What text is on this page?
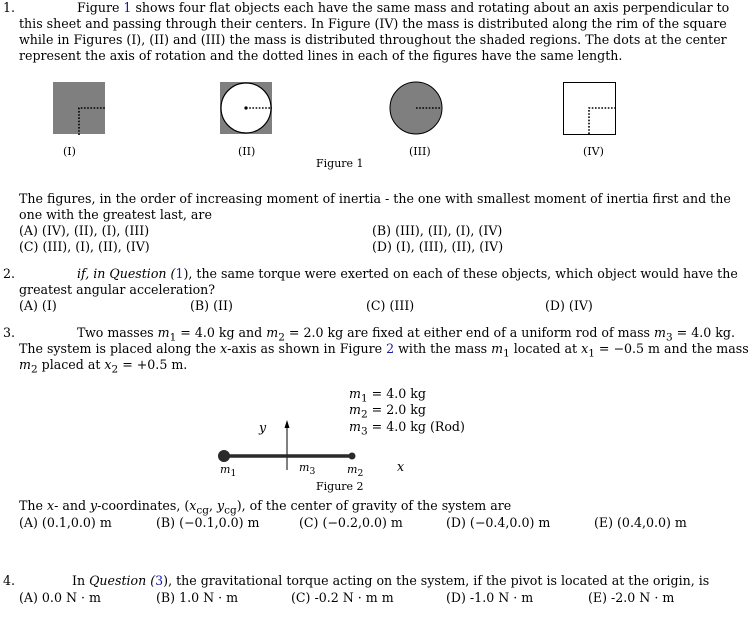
1.	Figure 1 shows four flat objects each have the same mass and rotating about an axis perpendicular to
this sheet and passing through their centers. In Figure (IV) the mass is distributed along the rim of the square
while in Figures (I), (II) and (III) the mass is distributed throughout the shaded regions. The dots at the center
represent the axis of rotation and the dotted lines in each of the figures have the same length.
(I)	(II)	(III)	(IV)
Figure 1
The figures, in the order of increasing moment of inertia - the one with smallest moment of inertia first and the
one with the greatest last, are
(A) (IV), (II), (I), (III)	(B) (III), (II), (I), (IV)
(C) (III), (I), (II), (IV)	(D) (I), (III), (II), (IV)
2.	if, in Question (1), the same torque were exerted on each of these objects, which object would have the
greatest angular acceleration?
(A) (I)	(B) (II)	(C) (III)	(D) (IV)
3.	Two masses $m_1 = 4.0$ kg and $m_2 = 2.0$ kg are fixed at either end of a uniform rod of mass $m_3 = 4.0$ kg.
The system is placed along the x-axis as shown in Figure 2 with the mass $m_1$ located at $x_1 = -0.5$ m and the mass
$m_2$ placed at $x_2 = +0.5$ m.
$m_1 = 4.0$ kg
$m_2 = 2.0$ kg
$m_3 = 4.0$ kg (Rod)
y
x
$m_1$	$m_3$	$m_2$
Figure 2
The x- and y-coordinates, ($x_{cg}$, $y_{cg}$), of the center of gravity of the system are
(A) (0.1,0.0) m	(B) (−0.1,0.0) m	(C) (−0.2,0.0) m	(D) (−0.4,0.0) m	(E) (0.4,0.0) m
4.	In Question (3), the gravitational torque acting on the system, if the pivot is located at the origin, is
(A) 0.0 N · m	(B) 1.0 N · m	(C) -0.2 N · m m	(D) -1.0 N · m	(E) -2.0 N · m
